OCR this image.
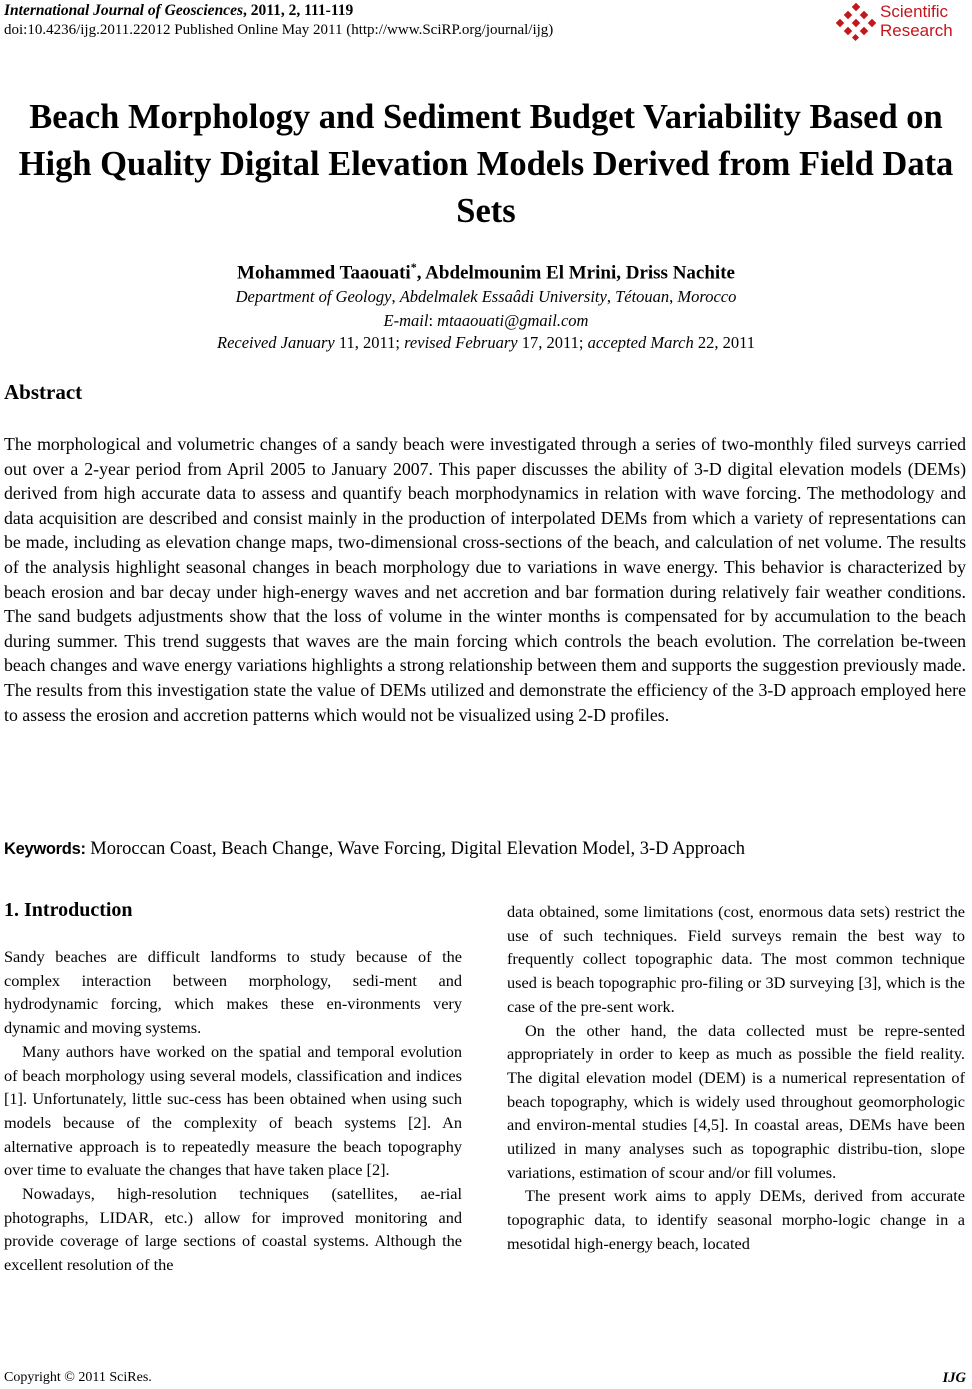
International Journal of Geosciences, 2011, 2, 111-119
doi:10.4236/ijg.2011.22012 Published Online May 2011 (http://www.SciRP.org/journal/ijg)
Scientific
Research
Beach Morphology and Sediment Budget Variability Based on High Quality Digital Elevation Models Derived from Field Data Sets
Mohammed Taaouati*, Abdelmounim El Mrini, Driss Nachite
Department of Geology, Abdelmalek Essaâdi University, Tétouan, Morocco
E-mail: mtaaouati@gmail.com
Received January 11, 2011; revised February 17, 2011; accepted March 22, 2011
Abstract
The morphological and volumetric changes of a sandy beach were investigated through a series of two-monthly filed surveys carried out over a 2-year period from April 2005 to January 2007. This paper discusses the ability of 3-D digital elevation models (DEMs) derived from high accurate data to assess and quantify beach morphodynamics in relation with wave forcing. The methodology and data acquisition are described and consist mainly in the production of interpolated DEMs from which a variety of representations can be made, including as elevation change maps, two-dimensional cross-sections of the beach, and calculation of net volume. The results of the analysis highlight seasonal changes in beach morphology due to variations in wave energy. This behavior is characterized by beach erosion and bar decay under high-energy waves and net accretion and bar formation during relatively fair weather conditions. The sand budgets adjustments show that the loss of volume in the winter months is compensated for by accumulation to the beach during summer. This trend suggests that waves are the main forcing which controls the beach evolution. The correlation be-tween beach changes and wave energy variations highlights a strong relationship between them and supports the suggestion previously made. The results from this investigation state the value of DEMs utilized and demonstrate the efficiency of the 3-D approach employed here to assess the erosion and accretion patterns which would not be visualized using 2-D profiles.
Keywords: Moroccan Coast, Beach Change, Wave Forcing, Digital Elevation Model, 3-D Approach
1. Introduction

Sandy beaches are difficult landforms to study because of the complex interaction between morphology, sedi-ment and hydrodynamic forcing, which makes these en-vironments very dynamic and moving systems.

Many authors have worked on the spatial and temporal evolution of beach morphology using several models, classification and indices [1]. Unfortunately, little suc-cess has been obtained when using such models because of the complexity of beach systems [2]. An alternative approach is to repeatedly measure the beach topography over time to evaluate the changes that have taken place [2].

Nowadays, high-resolution techniques (satellites, ae-rial photographs, LIDAR, etc.) allow for improved monitoring and provide coverage of large sections of coastal systems. Although the excellent resolution of the

data obtained, some limitations (cost, enormous data sets) restrict the use of such techniques. Field surveys remain the best way to frequently collect topographic data. The most common technique used is beach topographic pro-filing or 3D surveying [3], which is the case of the pre-sent work.

On the other hand, the data collected must be repre-sented appropriately in order to keep as much as possible the field reality. The digital elevation model (DEM) is a numerical representation of beach topography, which is widely used throughout geomorphologic and environ-mental studies [4,5]. In coastal areas, DEMs have been utilized in many analyses such as topographic distribu-tion, slope variations, estimation of scour and/or fill volumes.

The present work aims to apply DEMs, derived from accurate topographic data, to identify seasonal morpho-logic change in a mesotidal high-energy beach, located

Copyright © 2011 SciRes.	IJG
